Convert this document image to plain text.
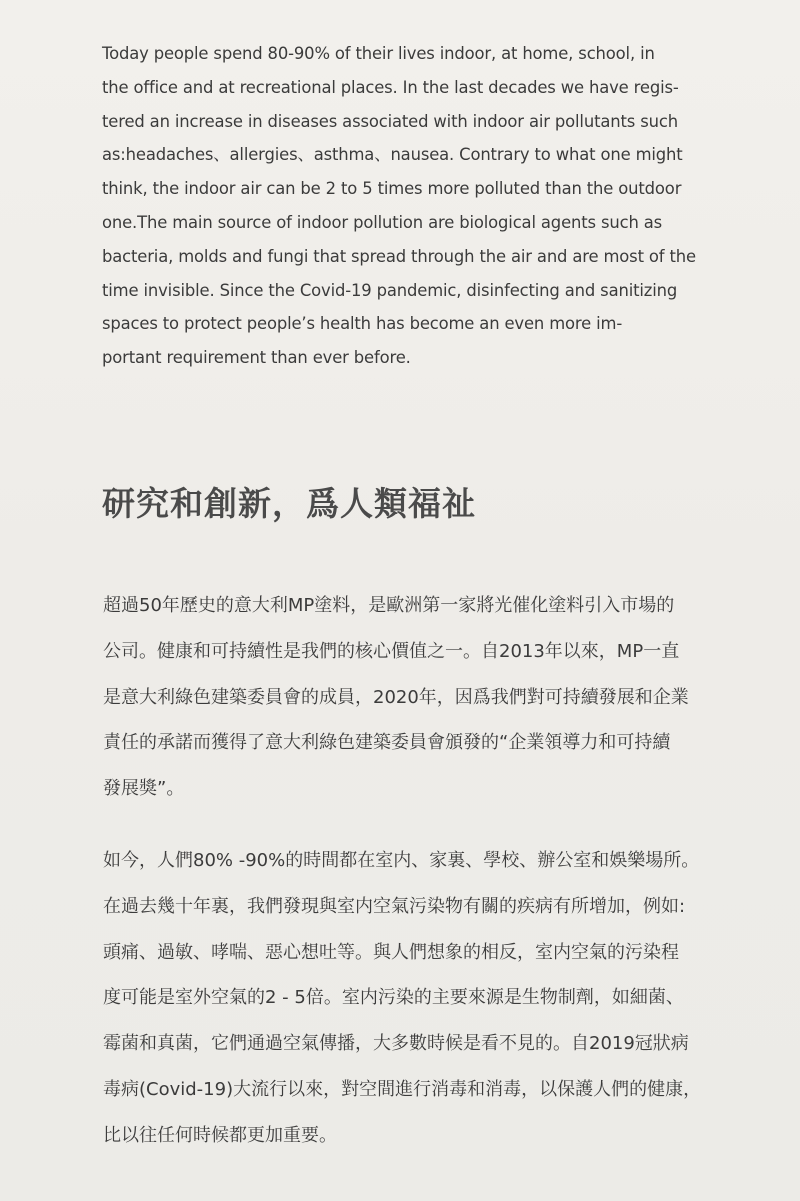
Today people spend 80-90% of their lives indoor, at home, school, in
the office and at recreational places. In the last decades we have regis-
tered an increase in diseases associated with indoor air pollutants such
as:headaches、allergies、asthma、nausea. Contrary to what one might
think, the indoor air can be 2 to 5 times more polluted than the outdoor
one.The main source of indoor pollution are biological agents such as
bacteria, molds and fungi that spread through the air and are most of the
time invisible. Since the Covid-19 pandemic, disinfecting and sanitizing
spaces to protect people’s health has become an even more im-
portant requirement than ever before.

研究和創新，爲人類福祉

超過50年歷史的意大利MP塗料，是歐洲第一家將光催化塗料引入市場的
公司。健康和可持續性是我們的核心價值之一。自2013年以來，MP一直
是意大利綠色建築委員會的成員，2020年，因爲我們對可持續發展和企業
責任的承諾而獲得了意大利綠色建築委員會頒發的“企業領導力和可持續
發展獎”。

如今，人們80% -90%的時間都在室内、家裏、學校、辦公室和娛樂場所。
在過去幾十年裏，我們發現與室内空氣污染物有關的疾病有所增加，例如:
頭痛、過敏、哮喘、惡心想吐等。與人們想象的相反，室内空氣的污染程
度可能是室外空氣的2 - 5倍。室内污染的主要來源是生物制劑，如細菌、
霉菌和真菌，它們通過空氣傳播，大多數時候是看不見的。自2019冠狀病
毒病(Covid-19)大流行以來，對空間進行消毒和消毒，以保護人們的健康，
比以往任何時候都更加重要。
